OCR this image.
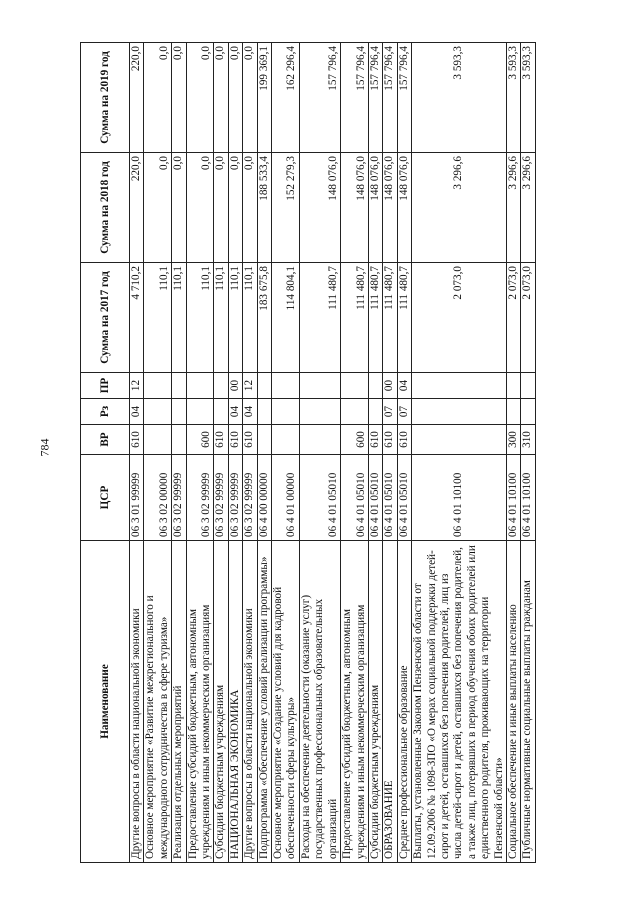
784
Наименование	ЦСР	ВР	Рз	ПР	Сумма на 2017 год	Сумма на 2018 год	Сумма на 2019 год
Другие вопросы в области национальной экономики	06 3 01 99999	610	04	12	4 710,2	220,0	220,0
Основное мероприятие «Развитие межрегионального и международного сотрудничества в сфере туризма»	06 3 02 00000				110,1	0,0	0,0
Реализация отдельных мероприятий	06 3 02 99999				110,1	0,0	0,0
Предоставление субсидий бюджетным, автономным учреждениям и иным некоммерческим организациям	06 3 02 99999	600			110,1	0,0	0,0
Субсидии бюджетным учреждениям	06 3 02 99999	610			110,1	0,0	0,0
НАЦИОНАЛЬНАЯ ЭКОНОМИКА	06 3 02 99999	610	04	00	110,1	0,0	0,0
Другие вопросы в области национальной экономики	06 3 02 99999	610	04	12	110,1	0,0	0,0
Подпрограмма «Обеспечение условий реализации программы»	06 4 00 00000				183 675,8	188 533,4	199 369,1
Основное мероприятие «Создание условий для кадровой обеспеченности сферы культуры»	06 4 01 00000				114 804,1	152 279,3	162 296,4
Расходы на обеспечение деятельности (оказание услуг) государственных профессиональных образовательных организаций	06 4 01 05010				111 480,7	148 076,0	157 796,4
Предоставление субсидий бюджетным, автономным учреждениям и иным некоммерческим организациям	06 4 01 05010	600			111 480,7	148 076,0	157 796,4
Субсидии бюджетным учреждениям	06 4 01 05010	610			111 480,7	148 076,0	157 796,4
ОБРАЗОВАНИЕ	06 4 01 05010	610	07	00	111 480,7	148 076,0	157 796,4
Среднее профессиональное образование	06 4 01 05010	610	07	04	111 480,7	148 076,0	157 796,4
Выплаты, установленные Законом Пензенской области от 12.09.2006 № 1098-ЗПО «О мерах социальной поддержки детей-сирот и детей, оставшихся без попечения родителей, лиц из числа детей-сирот и детей, оставшихся без попечения родителей, а также лиц, потерявших в период обучения обоих родителей или единственного родителя, проживающих на территории Пензенской области»	06 4 01 10100				2 073,0	3 296,6	3 593,3
Социальное обеспечение и иные выплаты населению	06 4 01 10100	300			2 073,0	3 296,6	3 593,3
Публичные нормативные социальные выплаты гражданам	06 4 01 10100	310			2 073,0	3 296,6	3 593,3
